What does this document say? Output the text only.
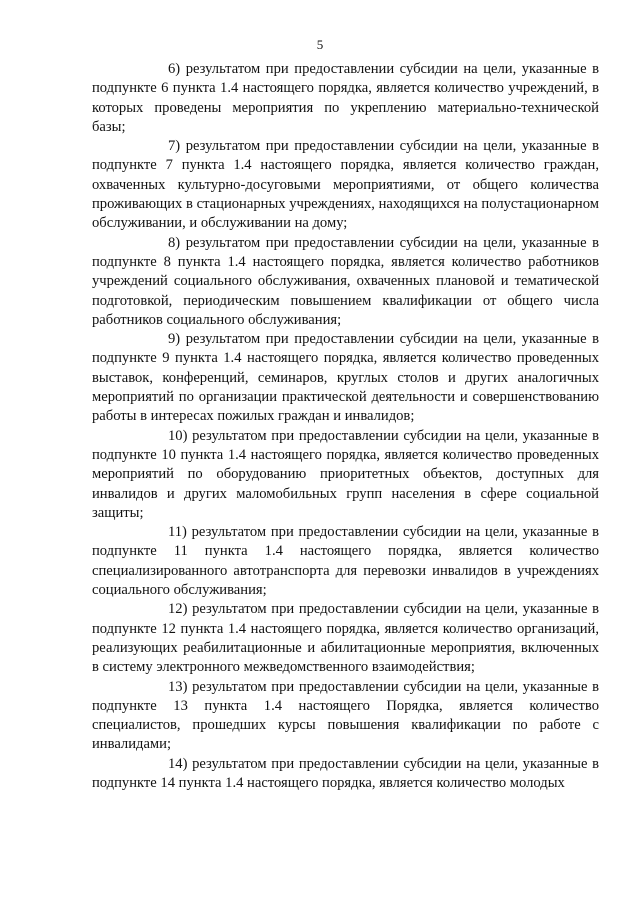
5

6) результатом при предоставлении субсидии на цели, указанные в подпункте 6 пункта 1.4 настоящего порядка, является количество учреждений, в которых проведены мероприятия по укреплению материально-технической базы;

7) результатом при предоставлении субсидии на цели, указанные в подпункте 7 пункта 1.4 настоящего порядка, является количество граждан, охваченных культурно-досуговыми мероприятиями, от общего количества проживающих в стационарных учреждениях, находящихся на полустационарном обслуживании, и обслуживании на дому;

8) результатом при предоставлении субсидии на цели, указанные в подпункте 8 пункта 1.4 настоящего порядка, является количество работников учреждений социального обслуживания, охваченных плановой и тематической подготовкой, периодическим повышением квалификации от общего числа работников социального обслуживания;

9) результатом при предоставлении субсидии на цели, указанные в подпункте 9 пункта 1.4 настоящего порядка, является количество проведенных выставок, конференций, семинаров, круглых столов и других аналогичных мероприятий по организации практической деятельности и совершенствованию работы в интересах пожилых граждан и инвалидов;

10) результатом при предоставлении субсидии на цели, указанные в подпункте 10 пункта 1.4 настоящего порядка, является количество проведенных мероприятий по оборудованию приоритетных объектов, доступных для инвалидов и других маломобильных групп населения в сфере социальной защиты;

11) результатом при предоставлении субсидии на цели, указанные в подпункте 11 пункта 1.4 настоящего порядка, является количество специализированного автотранспорта для перевозки инвалидов в учреждениях социального обслуживания;

12) результатом при предоставлении субсидии на цели, указанные в подпункте 12 пункта 1.4 настоящего порядка, является количество организаций, реализующих реабилитационные и абилитационные мероприятия, включенных в систему электронного межведомственного взаимодействия;

13) результатом при предоставлении субсидии на цели, указанные в подпункте 13 пункта 1.4 настоящего Порядка, является количество специалистов, прошедших курсы повышения квалификации по работе с инвалидами;

14) результатом при предоставлении субсидии на цели, указанные в подпункте 14 пункта 1.4 настоящего порядка, является количество молодых
